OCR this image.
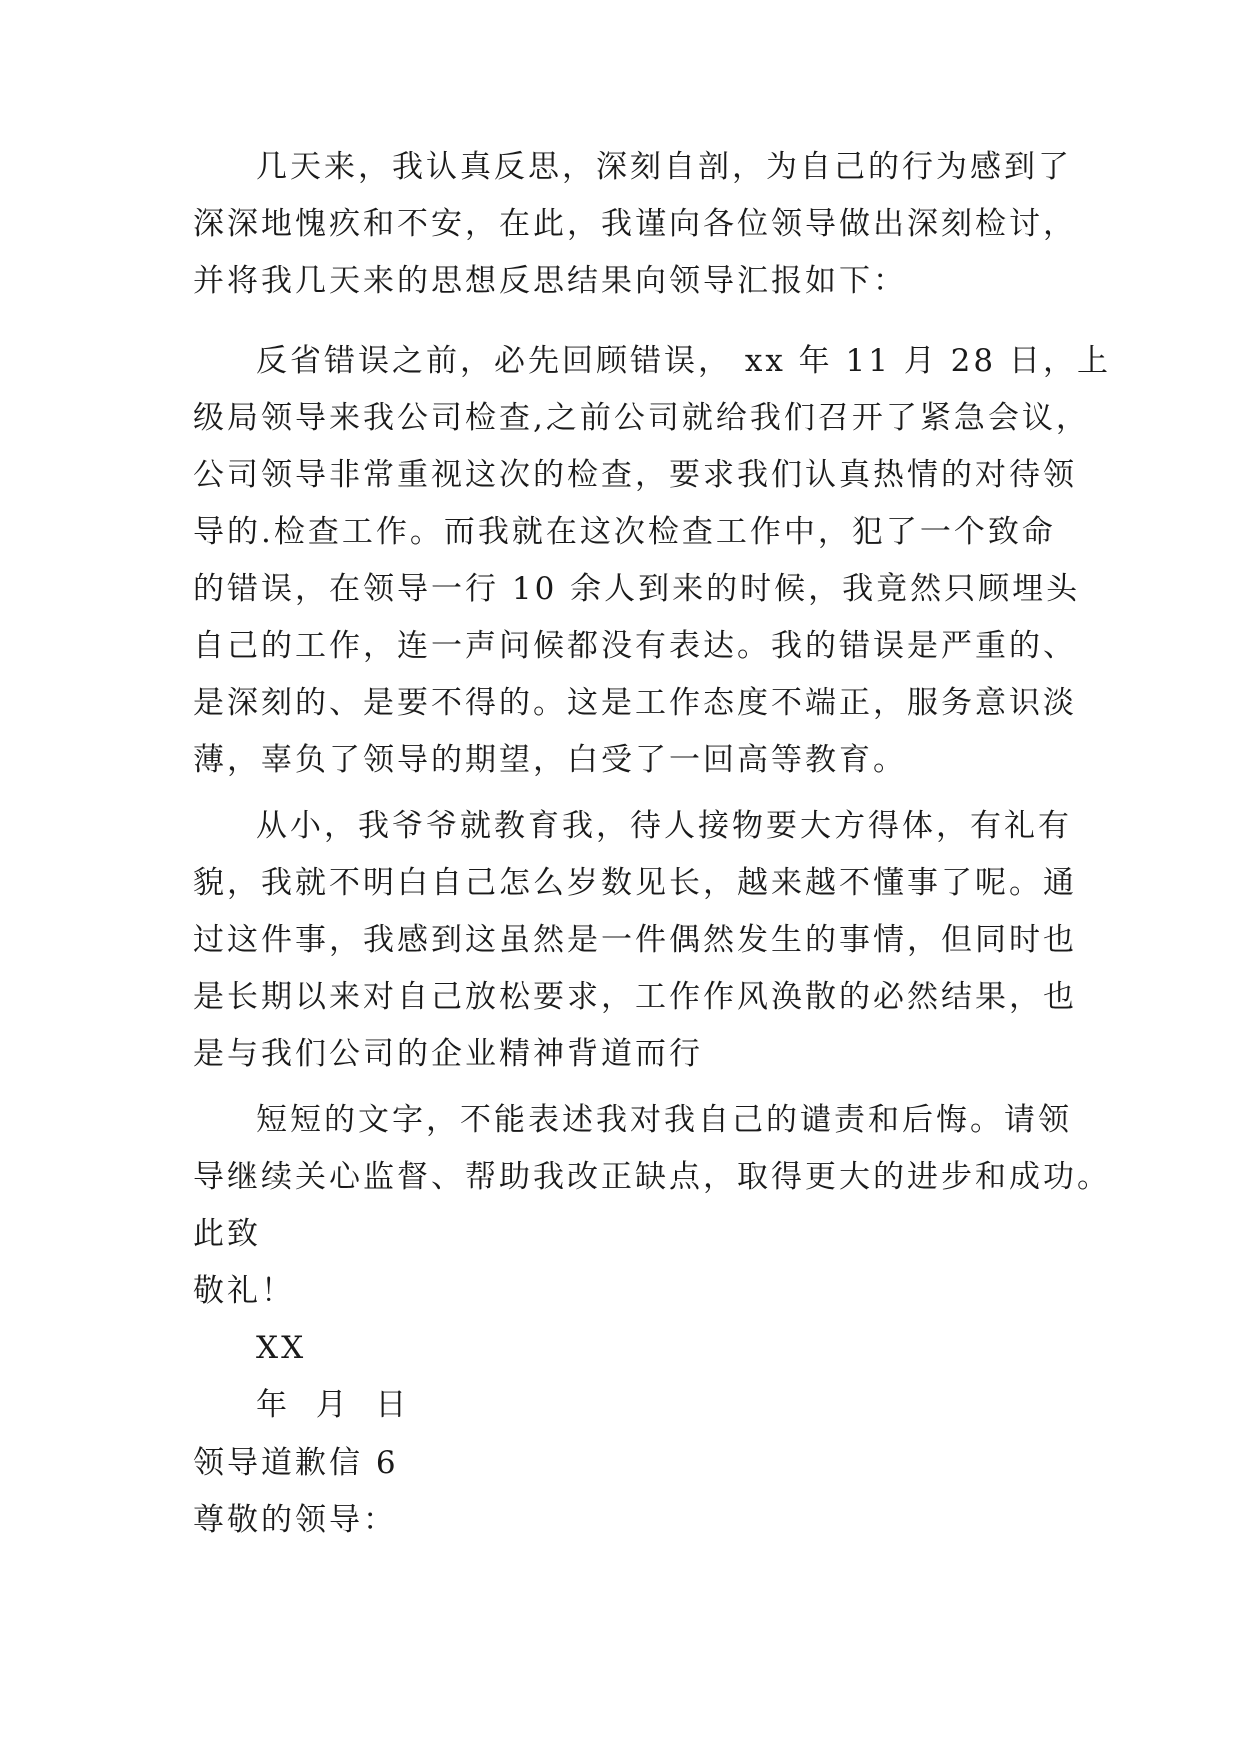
几天来，我认真反思，深刻自剖，为自己的行为感到了
深深地愧疚和不安，在此，我谨向各位领导做出深刻检讨，
并将我几天来的思想反思结果向领导汇报如下：
反省错误之前，必先回顾错误， xx 年 11 月 28 日，上
级局领导来我公司检查,之前公司就给我们召开了紧急会议，
公司领导非常重视这次的检查，要求我们认真热情的对待领
导的.检查工作。而我就在这次检查工作中，犯了一个致命
的错误，在领导一行 10 余人到来的时候，我竟然只顾埋头
自己的工作，连一声问候都没有表达。我的错误是严重的、
是深刻的、是要不得的。这是工作态度不端正，服务意识淡
薄，辜负了领导的期望，白受了一回高等教育。
从小，我爷爷就教育我，待人接物要大方得体，有礼有
貌，我就不明白自己怎么岁数见长，越来越不懂事了呢。通
过这件事，我感到这虽然是一件偶然发生的事情，但同时也
是长期以来对自己放松要求，工作作风涣散的必然结果，也
是与我们公司的企业精神背道而行
短短的文字，不能表述我对我自己的谴责和后悔。请领
导继续关心监督、帮助我改正缺点，取得更大的进步和成功。
此致
敬礼！
XX
年  月  日
领导道歉信 6
尊敬的领导：
